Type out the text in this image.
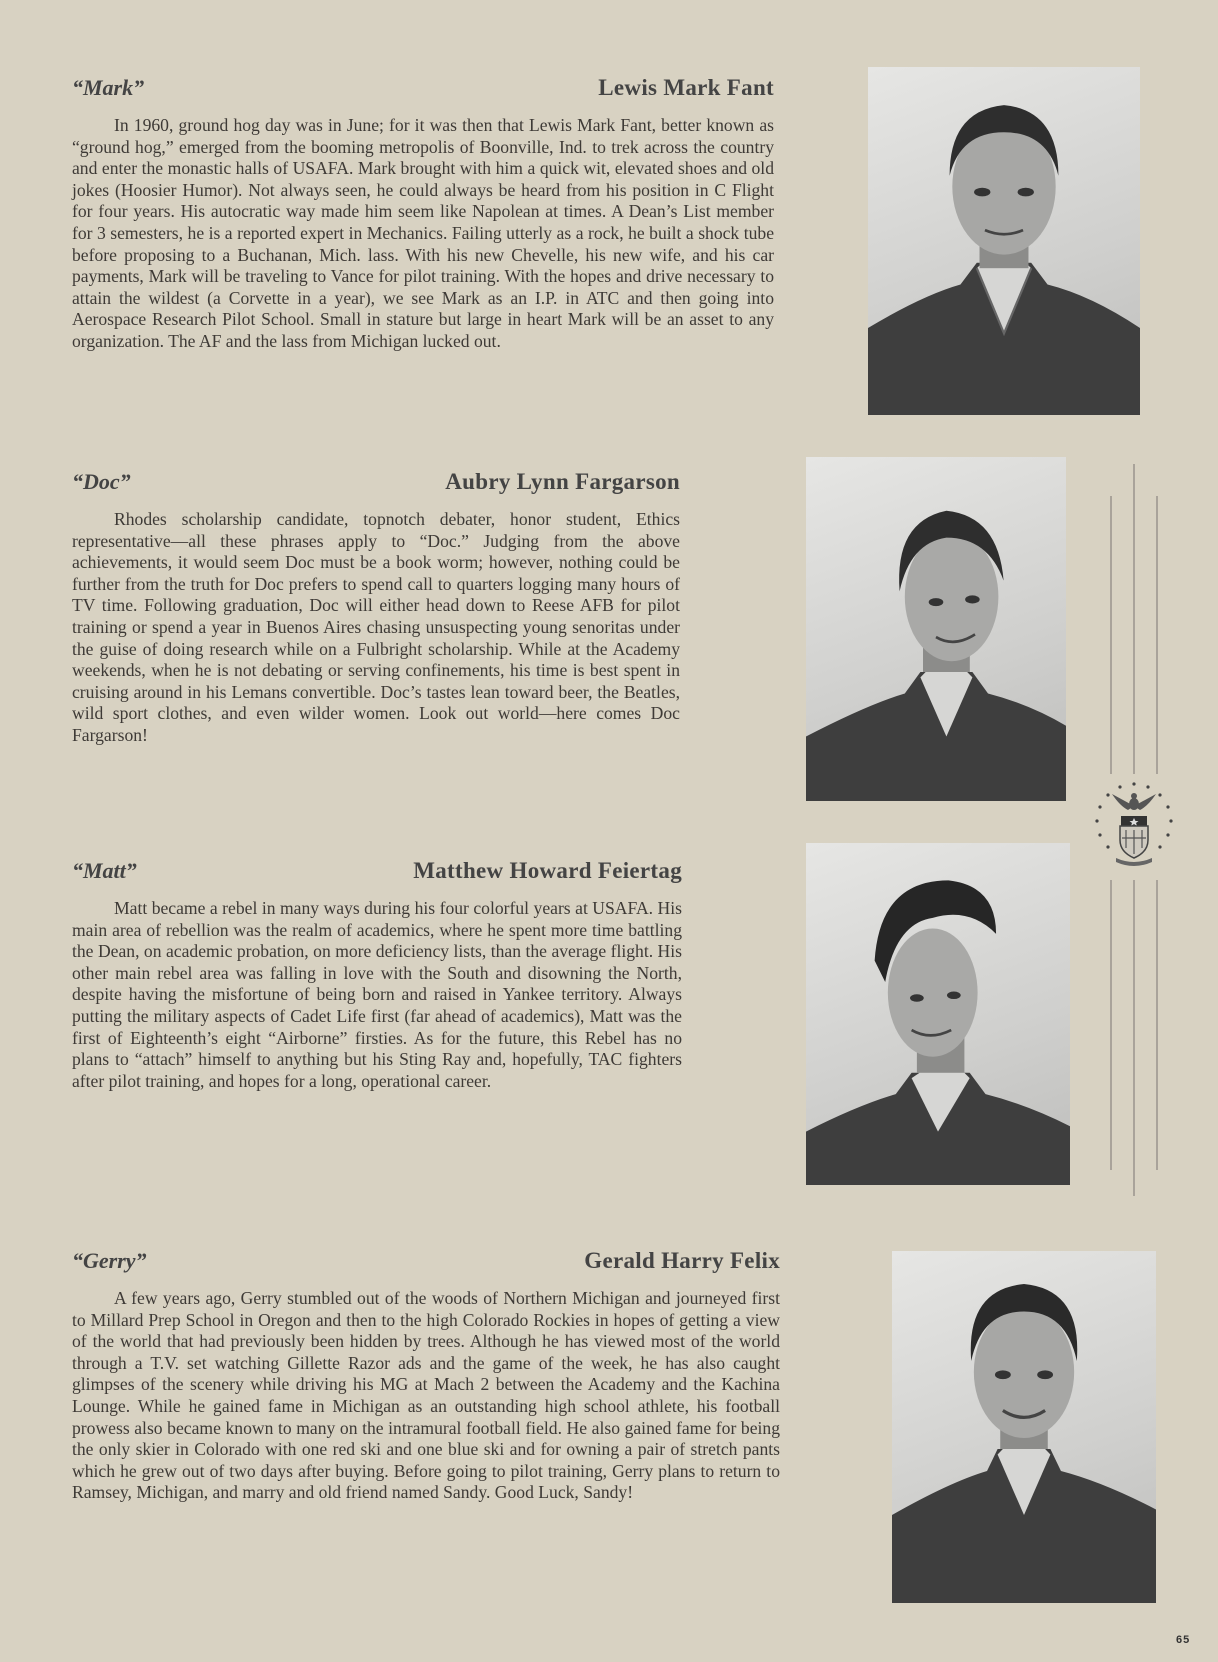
“Mark”	Lewis Mark Fant

In 1960, ground hog day was in June; for it was then that Lewis Mark Fant, better known as “ground hog,” emerged from the booming metropolis of Boonville, Ind. to trek across the country and enter the monastic halls of USAFA. Mark brought with him a quick wit, elevated shoes and old jokes (Hoosier Humor). Not always seen, he could always be heard from his position in C Flight for four years. His autocratic way made him seem like Napolean at times. A Dean’s List member for 3 semesters, he is a reported expert in Mechanics. Failing utterly as a rock, he built a shock tube before proposing to a Buchanan, Mich. lass. With his new Chevelle, his new wife, and his car payments, Mark will be traveling to Vance for pilot training. With the hopes and drive necessary to attain the wildest (a Corvette in a year), we see Mark as an I.P. in ATC and then going into Aerospace Research Pilot School. Small in stature but large in heart Mark will be an asset to any organization. The AF and the lass from Michigan lucked out.

“Doc”	Aubry Lynn Fargarson

Rhodes scholarship candidate, topnotch debater, honor student, Ethics representative—all these phrases apply to “Doc.” Judging from the above achievements, it would seem Doc must be a book worm; however, nothing could be further from the truth for Doc prefers to spend call to quarters logging many hours of TV time. Following graduation, Doc will either head down to Reese AFB for pilot training or spend a year in Buenos Aires chasing unsuspecting young senoritas under the guise of doing research while on a Fulbright scholarship. While at the Academy weekends, when he is not debating or serving confinements, his time is best spent in cruising around in his Lemans convertible. Doc’s tastes lean toward beer, the Beatles, wild sport clothes, and even wilder women. Look out world—here comes Doc Fargarson!

“Matt”	Matthew Howard Feiertag

Matt became a rebel in many ways during his four colorful years at USAFA. His main area of rebellion was the realm of academics, where he spent more time battling the Dean, on academic probation, on more deficiency lists, than the average flight. His other main rebel area was falling in love with the South and disowning the North, despite having the misfortune of being born and raised in Yankee territory. Always putting the military aspects of Cadet Life first (far ahead of academics), Matt was the first of Eighteenth’s eight “Airborne” firsties. As for the future, this Rebel has no plans to “attach” himself to anything but his Sting Ray and, hopefully, TAC fighters after pilot training, and hopes for a long, operational career.

“Gerry”	Gerald Harry Felix

A few years ago, Gerry stumbled out of the woods of Northern Michigan and journeyed first to Millard Prep School in Oregon and then to the high Colorado Rockies in hopes of getting a view of the world that had previously been hidden by trees. Although he has viewed most of the world through a T.V. set watching Gillette Razor ads and the game of the week, he has also caught glimpses of the scenery while driving his MG at Mach 2 between the Academy and the Kachina Lounge. While he gained fame in Michigan as an outstanding high school athlete, his football prowess also became known to many on the intramural football field. He also gained fame for being the only skier in Colorado with one red ski and one blue ski and for owning a pair of stretch pants which he grew out of two days after buying. Before going to pilot training, Gerry plans to return to Ramsey, Michigan, and marry and old friend named Sandy. Good Luck, Sandy!

65
